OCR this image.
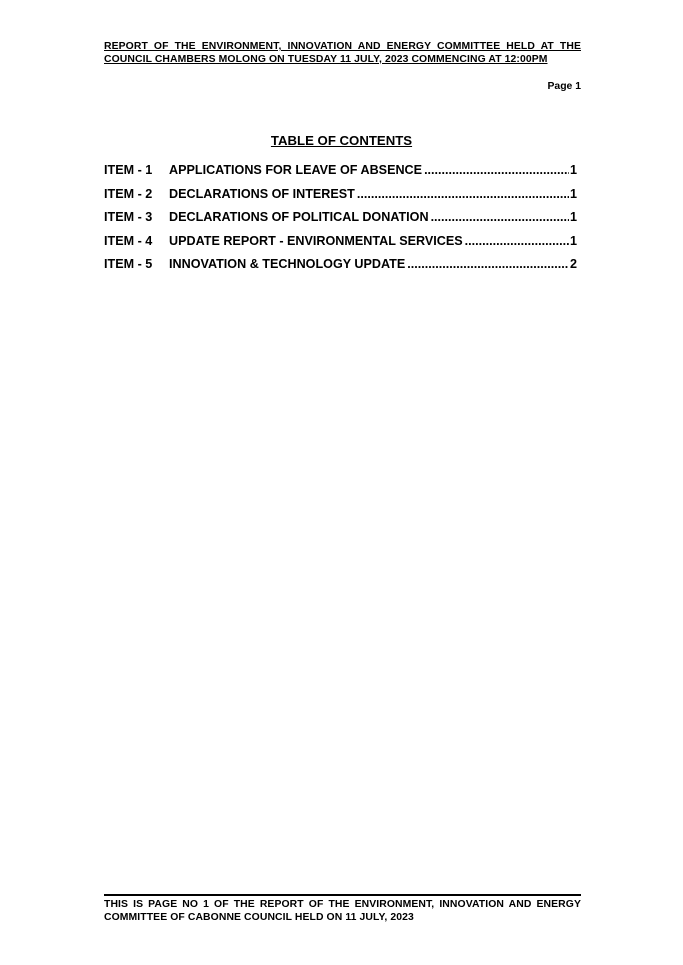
REPORT OF THE ENVIRONMENT, INNOVATION AND ENERGY COMMITTEE HELD AT THE COUNCIL CHAMBERS MOLONG ON TUESDAY 11 JULY, 2023 COMMENCING AT 12:00PM
Page 1
TABLE OF CONTENTS
ITEM - 1	APPLICATIONS FOR LEAVE OF ABSENCE .....	1
ITEM - 2	DECLARATIONS OF INTEREST .....	1
ITEM - 3	DECLARATIONS OF POLITICAL DONATION .....	1
ITEM - 4	UPDATE REPORT - ENVIRONMENTAL SERVICES .....	1
ITEM - 5	INNOVATION & TECHNOLOGY UPDATE .....	2
THIS IS PAGE NO 1 OF THE REPORT OF THE ENVIRONMENT, INNOVATION AND ENERGY COMMITTEE OF CABONNE COUNCIL HELD ON 11 JULY, 2023
